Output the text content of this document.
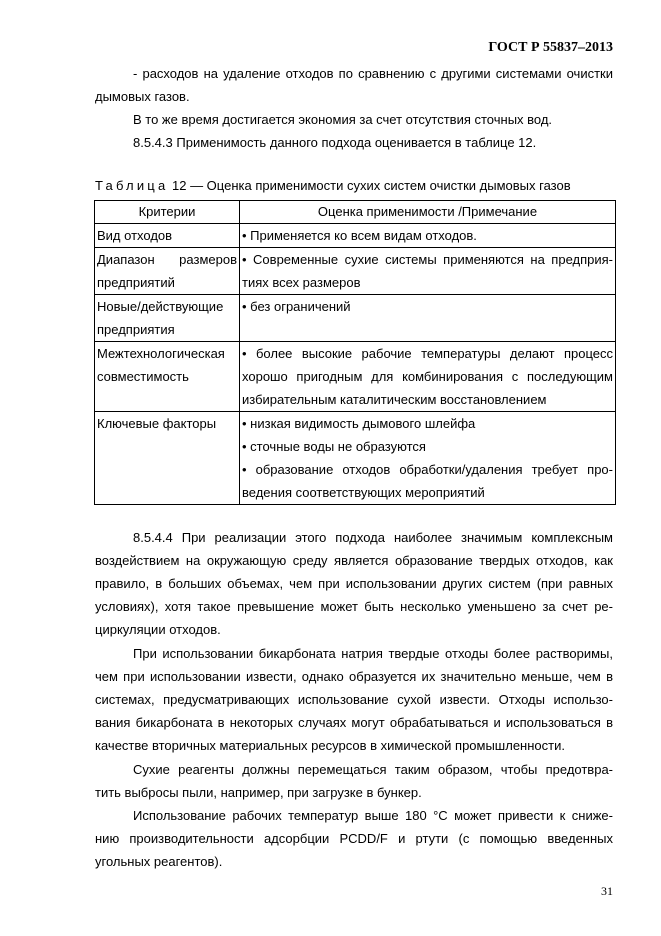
ГОСТ Р 55837–2013
- расходов на удаление отходов по сравнению с другими системами очистки
дымовых газов.
В то же время достигается экономия за счет отсутствия сточных вод.
8.5.4.3 Применимость данного подхода оценивается в таблице 12.
Таблица 12 — Оценка применимости сухих систем очистки дымовых газов
Критерии	Оценка применимости /Примечание

Вид отходов	• Применяется ко всем видам отходов.

Диапазон размеров
предприятий	• Современные сухие системы применяются на предприя-
тиях всех размеров

Новые/действующие
предприятия	• без ограничений

Межтехнологическая
совместимость	• более высокие рабочие температуры делают процесс
хорошо пригодным для комбинирования с последующим
избирательным каталитическим восстановлением

Ключевые факторы	• низкая видимость дымового шлейфа
• сточные воды не образуются
• образование отходов обработки/удаления требует про-
ведения соответствующих мероприятий
8.5.4.4 При реализации этого подхода наиболее значимым комплексным
воздействием на окружающую среду является образование твердых отходов, как
правило, в больших объемах, чем при использовании других систем (при равных
условиях), хотя такое превышение может быть несколько уменьшено за счет ре-
циркуляции отходов.
При использовании бикарбоната натрия твердые отходы более растворимы,
чем при использовании извести, однако образуется их значительно меньше, чем в
системах, предусматривающих использование сухой извести. Отходы использо-
вания бикарбоната в некоторых случаях могут обрабатываться и использоваться в
качестве вторичных материальных ресурсов в химической промышленности.
Сухие реагенты должны перемещаться таким образом, чтобы предотвра-
тить выбросы пыли, например, при загрузке в бункер.
Использование рабочих температур выше 180 °С может привести к сниже-
нию производительности адсорбции PCDD/F и ртути (с помощью введенных
угольных реагентов).
31
